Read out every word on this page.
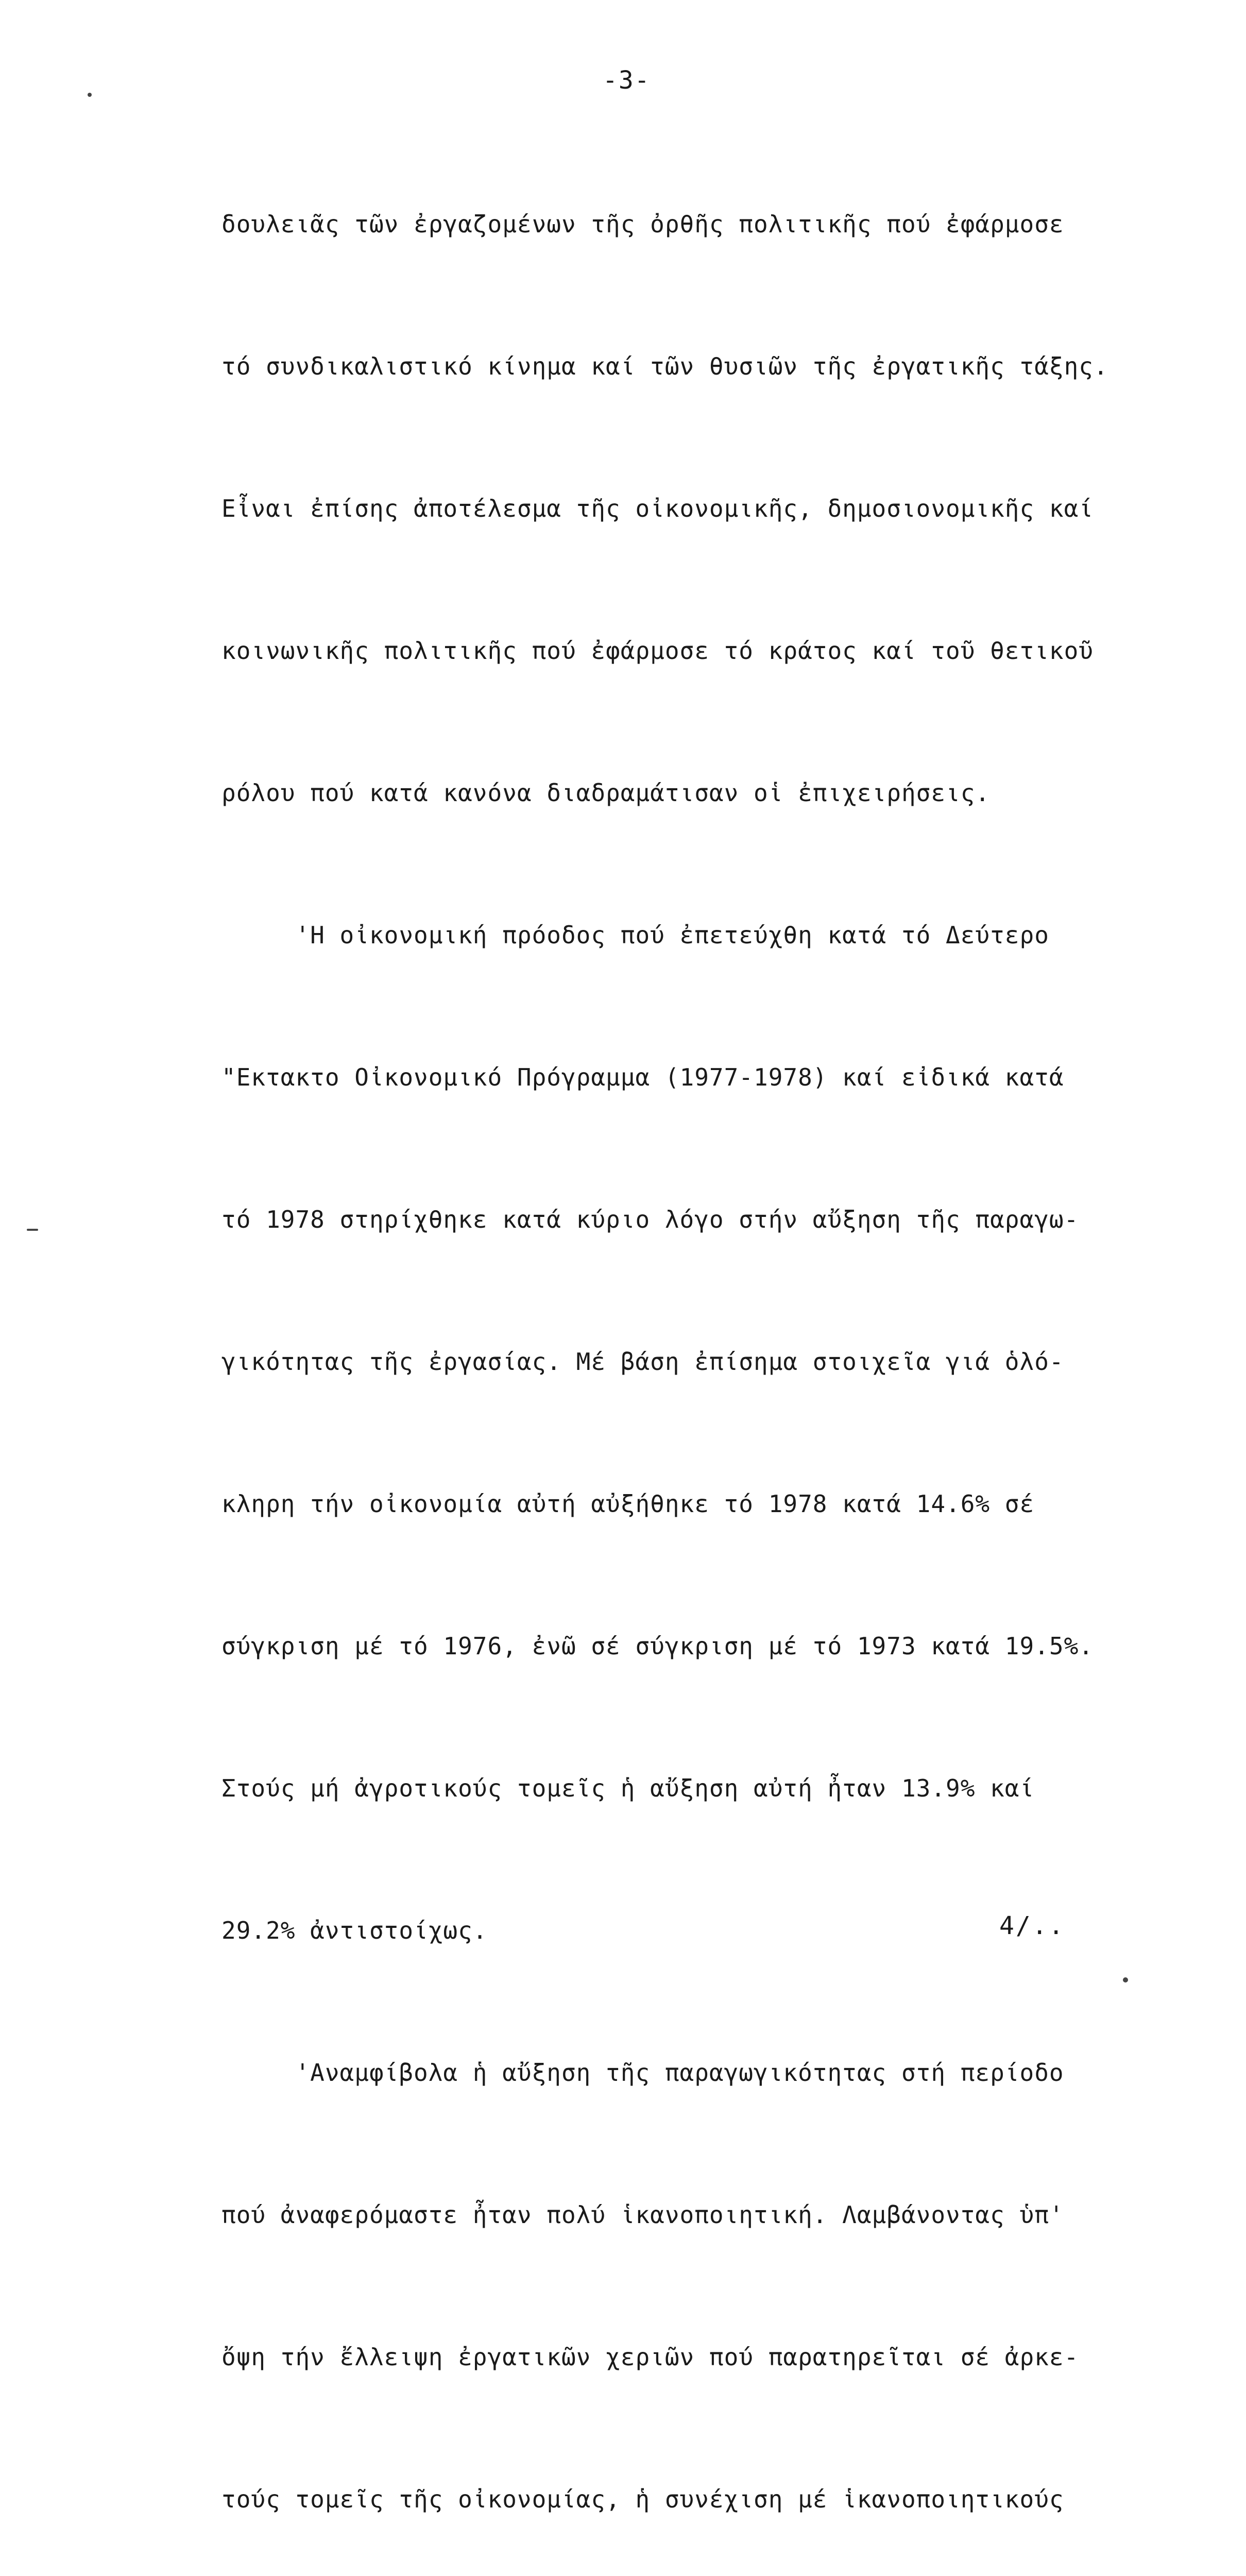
-3-

δουλειᾶς τῶν ἐργαζομένων τῆς ὀρθῆς πολιτικῆς πού ἐφάρμοσε

τό συνδικαλιστικό κίνημα καί τῶν θυσιῶν τῆς ἐργατικῆς τάξης.

Εἶναι ἐπίσης ἀποτέλεσμα τῆς οἰκονομικῆς, δημοσιονομικῆς καί

κοινωνικῆς πολιτικῆς πού ἐφάρμοσε τό κράτος καί τοῦ θετικοῦ

ρόλου πού κατά κανόνα διαδραμάτισαν οἱ ἐπιχειρήσεις.

'Η οἰκονομική πρόοδος πού ἐπετεύχθη κατά τό Δεύτερο

"Εκτακτο Οἰκονομικό Πρόγραμμα (1977-1978) καί εἰδικά κατά

τό 1978 στηρίχθηκε κατά κύριο λόγο στήν αὔξηση τῆς παραγω-

γικότητας τῆς ἐργασίας. Μέ βάση ἐπίσημα στοιχεῖα γιά ὁλό-

κληρη τήν οἰκονομία αὐτή αὐξήθηκε τό 1978 κατά 14.6% σέ

σύγκριση μέ τό 1976, ἐνῶ σέ σύγκριση μέ τό 1973 κατά 19.5%.

Στούς μή ἀγροτικούς τομεῖς ἡ αὔξηση αὐτή ἦταν 13.9% καί

29.2% ἀντιστοίχως.

'Αναμφίβολα ἡ αὔξηση τῆς παραγωγικότητας στή περίοδο

πού ἀναφερόμαστε ἦταν πολύ ἱκανοποιητική. Λαμβάνοντας ὑπ'

ὄψη τήν ἔλλειψη ἐργατικῶν χεριῶν πού παρατηρεῖται σέ ἀρκε-

τούς τομεῖς τῆς οἰκονομίας, ἡ συνέχιση μέ ἱκανοποιητικούς

4/..
